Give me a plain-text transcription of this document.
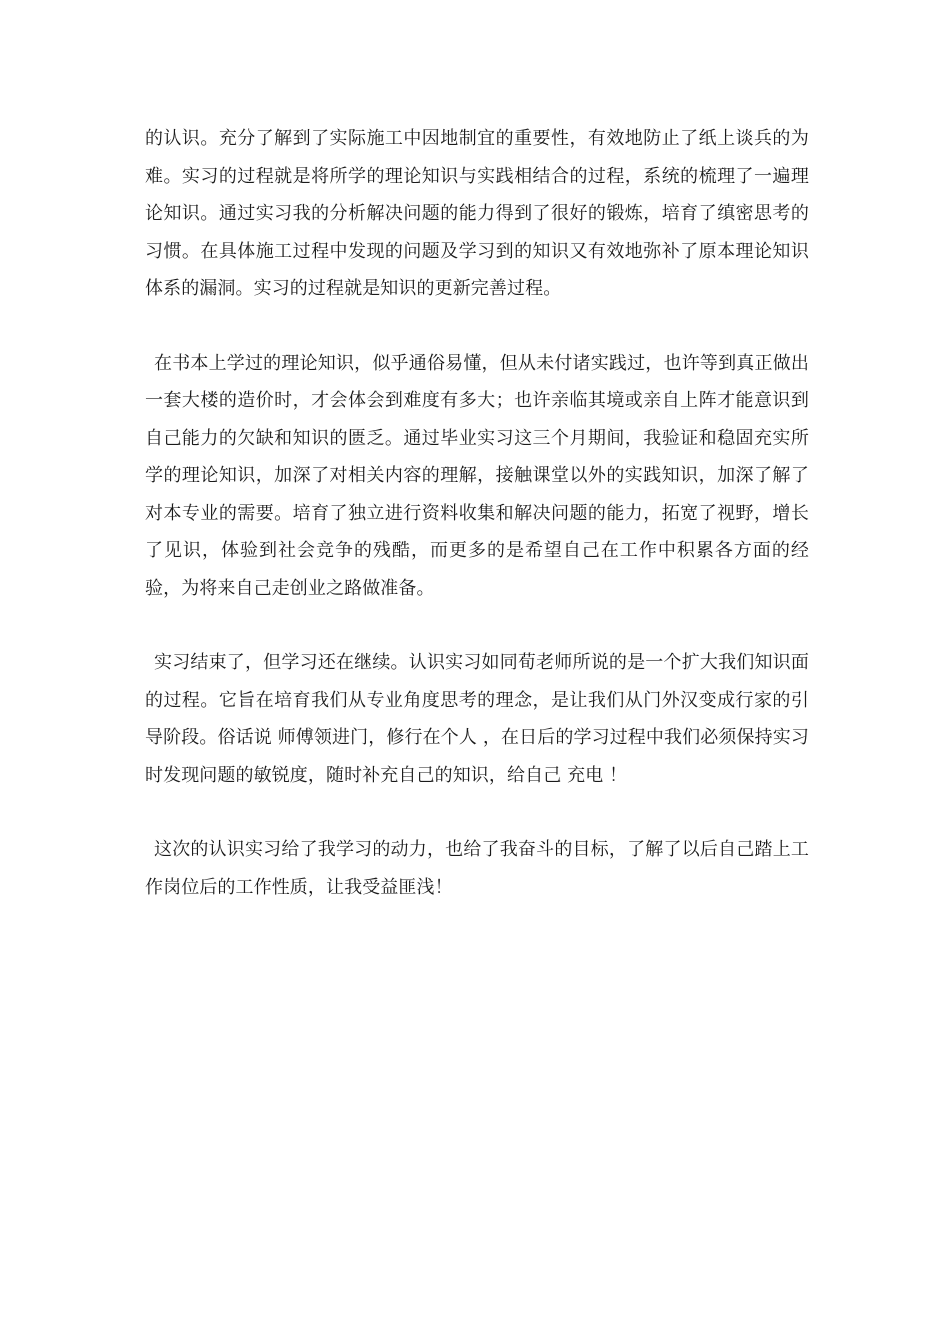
的认识。充分了解到了实际施工中因地制宜的重要性，有效地防止了纸上谈兵的为难。实习的过程就是将所学的理论知识与实践相结合的过程，系统的梳理了一遍理论知识。通过实习我的分析解决问题的能力得到了很好的锻炼，培育了缜密思考的习惯。在具体施工过程中发现的问题及学习到的知识又有效地弥补了原本理论知识体系的漏洞。实习的过程就是知识的更新完善过程。

在书本上学过的理论知识，似乎通俗易懂，但从未付诸实践过，也许等到真正做出一套大楼的造价时，才会体会到难度有多大；也许亲临其境或亲自上阵才能意识到自己能力的欠缺和知识的匮乏。通过毕业实习这三个月期间，我验证和稳固充实所学的理论知识，加深了对相关内容的理解，接触课堂以外的实践知识，加深了解了对本专业的需要。培育了独立进行资料收集和解决问题的能力，拓宽了视野，增长了见识，体验到社会竞争的残酷，而更多的是希望自己在工作中积累各方面的经验，为将来自己走创业之路做准备。

实习结束了，但学习还在继续。认识实习如同荀老师所说的是一个扩大我们知识面的过程。它旨在培育我们从专业角度思考的理念，是让我们从门外汉变成行家的引导阶段。俗话说 师傅领进门，修行在个人 ，在日后的学习过程中我们必须保持实习时发现问题的敏锐度，随时补充自己的知识，给自己 充电 ！

这次的认识实习给了我学习的动力，也给了我奋斗的目标，了解了以后自己踏上工作岗位后的工作性质，让我受益匪浅！
